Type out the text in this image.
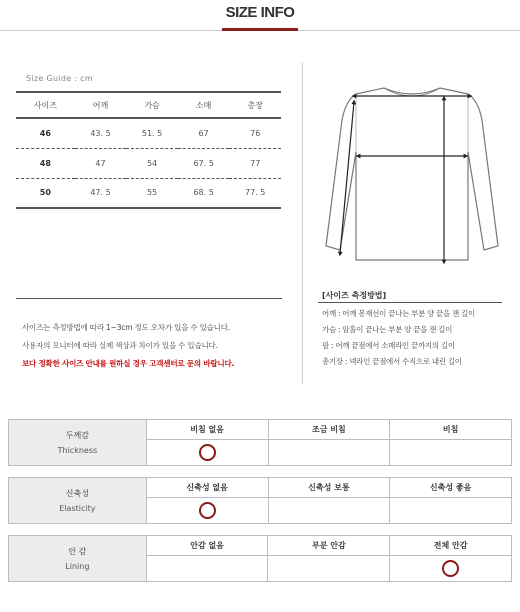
SIZE INFO
Size Guide : cm
사이즈	어깨	가슴	소매	총장
46	43. 5	51. 5	67	76
48	47	54	67. 5	77
50	47. 5	55	68. 5	77. 5

사이즈는 측정방법에 따라 1~3cm 정도 오차가 있을 수 있습니다.

사용자의 모니터에 따라 실제 색상과 차이가 있을 수 있습니다.

보다 정확한 사이즈 안내를 원하실 경우 고객센터로 문의 바랍니다.

[사이즈 측정방법]

어깨 : 어깨 봉재선이 끝나는 부분 양 끝을 잰 길이

가슴 : 암홀이 끝나는 부분 양 끝을 잰 길이

팔 : 어깨 끝점에서 소매라인 끝까지의 길이

총기장 : 넥라인 끝점에서 수직으로 내린 길이

두께감
Thickness	비침 없음	조금 비침	비침

신축성
Elasticity	신축성 없음	신축성 보통	신축성 좋음

안 감
Lining	안감 없음	부분 안감	전체 안감
